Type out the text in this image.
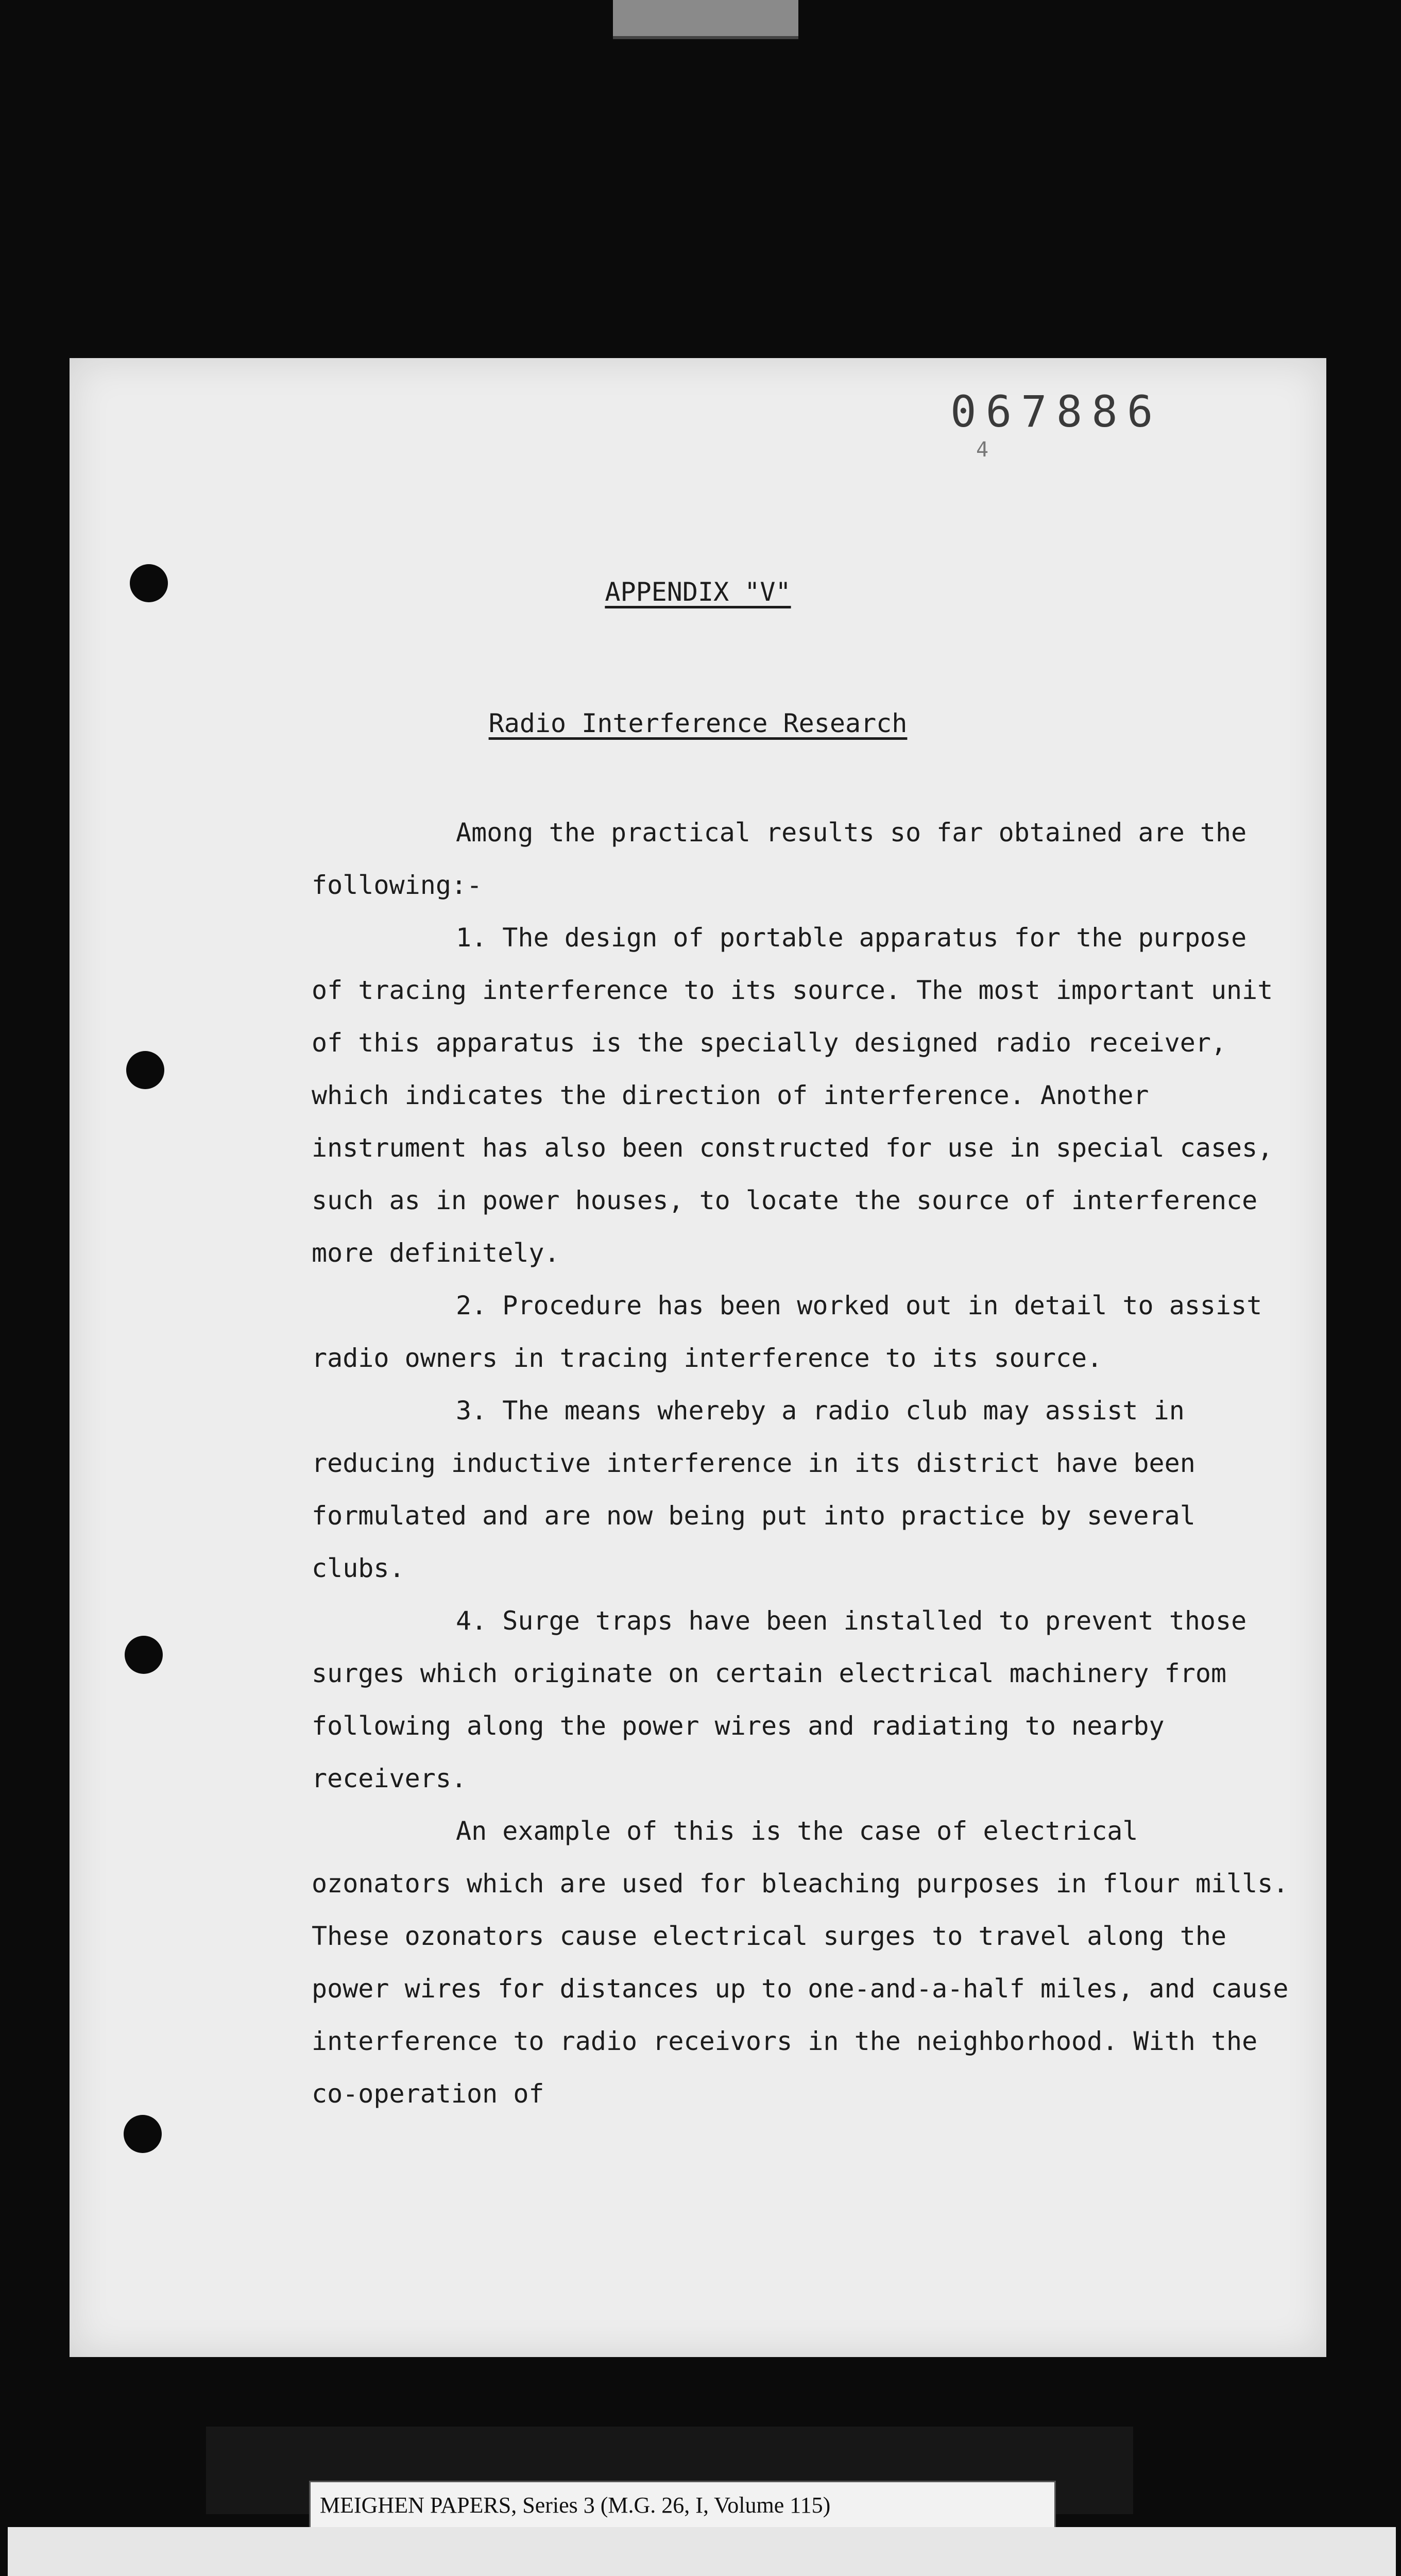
067886
4
APPENDIX "V"
Radio Interference Research

Among the practical results so far obtained are the following:-

1. The design of portable apparatus for the purpose of tracing interference to its source. The most important unit of this apparatus is the specially designed radio receiver, which indicates the direction of interference. Another instrument has also been constructed for use in special cases, such as in power houses, to locate the source of interference more definitely.

2. Procedure has been worked out in detail to assist radio owners in tracing interference to its source.

3. The means whereby a radio club may assist in reducing inductive interference in its district have been formulated and are now being put into practice by several clubs.

4. Surge traps have been installed to prevent those surges which originate on certain electrical machinery from following along the power wires and radiating to nearby receivers.

An example of this is the case of electrical ozonators which are used for bleaching purposes in flour mills. These ozonators cause electrical surges to travel along the power wires for distances up to one-and-a-half miles, and cause interference to radio receivors in the neighborhood. With the co-operation of

MEIGHEN PAPERS, Series 3 (M.G. 26, I, Volume 115)
